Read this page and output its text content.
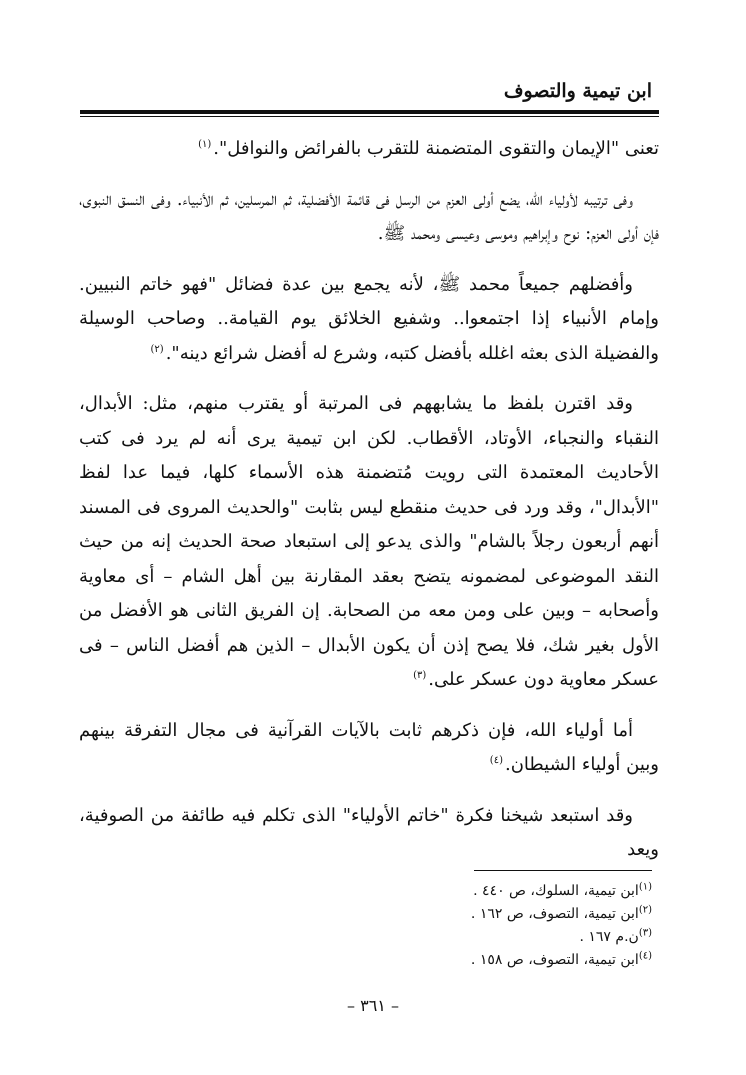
ابن تيمية والتصوف

تعنى "الإيمان والتقوى المتضمنة للتقرب بالفرائض والنوافل".$^{(١)}$

وفى ترتيبه لأولياء الله، يضع أولى العزم من الرسل فى قائمة الأفضلية، ثم المرسلين، ثم الأنبياء. وفى النسق النبوى، فإن أولى العزم: نوح وإبراهيم وموسى وعيسى ومحمد ﷺ.

وأفضلهم جميعاً محمد ﷺ، لأنه يجمع بين عدة فضائل "فهو خاتم النبيين. وإمام الأنبياء إذا اجتمعوا.. وشفيع الخلائق يوم القيامة.. وصاحب الوسيلة والفضيلة الذى بعثه اغلله بأفضل كتبه، وشرع له أفضل شرائع دينه".$^{(٢)}$

وقد اقترن بلفظ ما يشابههم فى المرتبة أو يقترب منهم، مثل: الأبدال، النقباء والنجباء، الأوتاد، الأقطاب. لكن ابن تيمية يرى أنه لم يرد فى كتب الأحاديث المعتمدة التى رويت مُتضمنة هذه الأسماء كلها، فيما عدا لفظ "الأبدال"، وقد ورد فى حديث منقطع ليس بثابت "والحديث المروى فى المسند أنهم أربعون رجلاً بالشام" والذى يدعو إلى استبعاد صحة الحديث إنه من حيث النقد الموضوعى لمضمونه يتضح بعقد المقارنة بين أهل الشام – أى معاوية وأصحابه – وبين على ومن معه من الصحابة. إن الفريق الثانى هو الأفضل من الأول بغير شك، فلا يصح إذن أن يكون الأبدال – الذين هم أفضل الناس – فى عسكر معاوية دون عسكر على.$^{(٣)}$

أما أولياء الله، فإن ذكرهم ثابت بالآيات القرآنية فى مجال التفرقة بينهم وبين أولياء الشيطان.$^{(٤)}$

وقد استبعد شيخنا فكرة "خاتم الأولياء" الذى تكلم فيه طائفة من الصوفية، ويعد

$^{(١)}$ابن تيمية، السلوك، ص ٤٤٠ .
$^{(٢)}$ابن تيمية، التصوف، ص ١٦٢ .
$^{(٣)}$ن.م ١٦٧ .
$^{(٤)}$ابن تيمية، التصوف، ص ١٥٨ .
– ٣٦١ –
